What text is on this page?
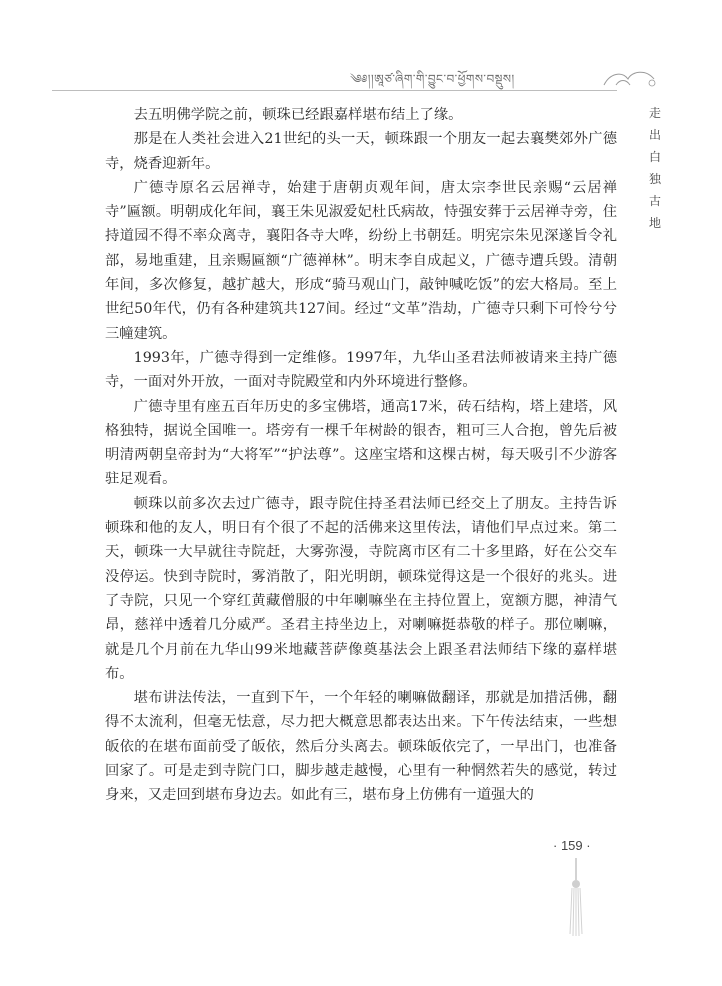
༄༅།།ཨཱཙ་ཞིག་གི་བྱུང་བ་ཕྱོགས་བསྡུས།
走
出
白
独
古
地

去五明佛学院之前，顿珠已经跟嘉样堪布结上了缘。

那是在人类社会进入21世纪的头一天，顿珠跟一个朋友一起去襄樊郊外广德寺，烧香迎新年。

广德寺原名云居禅寺，始建于唐朝贞观年间，唐太宗李世民亲赐“云居禅寺”匾额。明朝成化年间，襄王朱见淑爱妃杜氏病故，恃强安葬于云居禅寺旁，住持道园不得不率众离寺，襄阳各寺大哗，纷纷上书朝廷。明宪宗朱见深遂旨令礼部，易地重建，且亲赐匾额“广德禅林”。明末李自成起义，广德寺遭兵毁。清朝年间，多次修复，越扩越大，形成“骑马观山门，敲钟喊吃饭”的宏大格局。至上世纪50年代，仍有各种建筑共127间。经过“文革”浩劫，广德寺只剩下可怜兮兮三幢建筑。

1993年，广德寺得到一定维修。1997年，九华山圣君法师被请来主持广德寺，一面对外开放，一面对寺院殿堂和内外环境进行整修。

广德寺里有座五百年历史的多宝佛塔，通高17米，砖石结构，塔上建塔，风格独特，据说全国唯一。塔旁有一棵千年树龄的银杏，粗可三人合抱，曾先后被明清两朝皇帝封为“大将军”“护法尊”。这座宝塔和这棵古树，每天吸引不少游客驻足观看。

顿珠以前多次去过广德寺，跟寺院住持圣君法师已经交上了朋友。主持告诉顿珠和他的友人，明日有个很了不起的活佛来这里传法，请他们早点过来。第二天，顿珠一大早就往寺院赶，大雾弥漫，寺院离市区有二十多里路，好在公交车没停运。快到寺院时，雾消散了，阳光明朗，顿珠觉得这是一个很好的兆头。进了寺院，只见一个穿红黄藏僧服的中年喇嘛坐在主持位置上，宽额方腮，神清气昂，慈祥中透着几分威严。圣君主持坐边上，对喇嘛挺恭敬的样子。那位喇嘛，就是几个月前在九华山99米地藏菩萨像奠基法会上跟圣君法师结下缘的嘉样堪布。

堪布讲法传法，一直到下午，一个年轻的喇嘛做翻译，那就是加措活佛，翻得不太流利，但毫无怯意，尽力把大概意思都表达出来。下午传法结束，一些想皈依的在堪布面前受了皈依，然后分头离去。顿珠皈依完了，一早出门，也准备回家了。可是走到寺院门口，脚步越走越慢，心里有一种惘然若失的感觉，转过身来，又走回到堪布身边去。如此有三，堪布身上仿佛有一道强大的

· 159 ·
